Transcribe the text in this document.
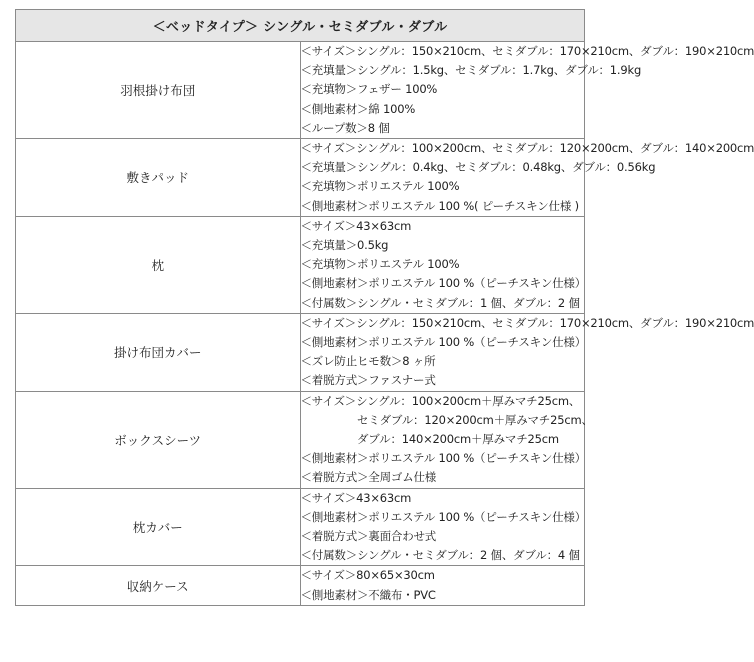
＜ベッドタイプ＞ シングル・セミダブル・ダブル	
羽根掛け布団	＜サイズ＞シングル：150×210cm、セミダブル：170×210cm、ダブル：190×210cm
＜充填量＞シングル：1.5kg、セミダブル：1.7kg、ダブル：1.9kg
＜充填物＞フェザー 100%
＜側地素材＞綿 100%
＜ループ数＞8 個

敷きパッド	＜サイズ＞シングル：100×200cm、セミダブル：120×200cm、ダブル：140×200cm
＜充填量＞シングル：0.4kg、セミダブル：0.48kg、ダブル：0.56kg
＜充填物＞ポリエステル 100%
＜側地素材＞ポリエステル 100 %( ピーチスキン仕様 )

枕	＜サイズ＞43×63cm
＜充填量＞0.5kg
＜充填物＞ポリエステル 100%
＜側地素材＞ポリエステル 100 %（ピーチスキン仕様）
＜付属数＞シングル・セミダブル：1 個、ダブル：2 個

掛け布団カバー	＜サイズ＞シングル：150×210cm、セミダブル：170×210cm、ダブル：190×210cm
＜側地素材＞ポリエステル 100 %（ピーチスキン仕様）
＜ズレ防止ヒモ数＞8 ヶ所
＜着脱方式＞ファスナー式

ボックスシーツ	＜サイズ＞シングル：100×200cm＋厚みマチ25cm、
　　　　　セミダブル：120×200cm＋厚みマチ25cm、
　　　　　ダブル：140×200cm＋厚みマチ25cm
＜側地素材＞ポリエステル 100 %（ピーチスキン仕様）
＜着脱方式＞全周ゴム仕様

枕カバー	＜サイズ＞43×63cm
＜側地素材＞ポリエステル 100 %（ピーチスキン仕様）
＜着脱方式＞裏面合わせ式
＜付属数＞シングル・セミダブル：2 個、ダブル：4 個

収納ケース	＜サイズ＞80×65×30cm
＜側地素材＞不織布・PVC
